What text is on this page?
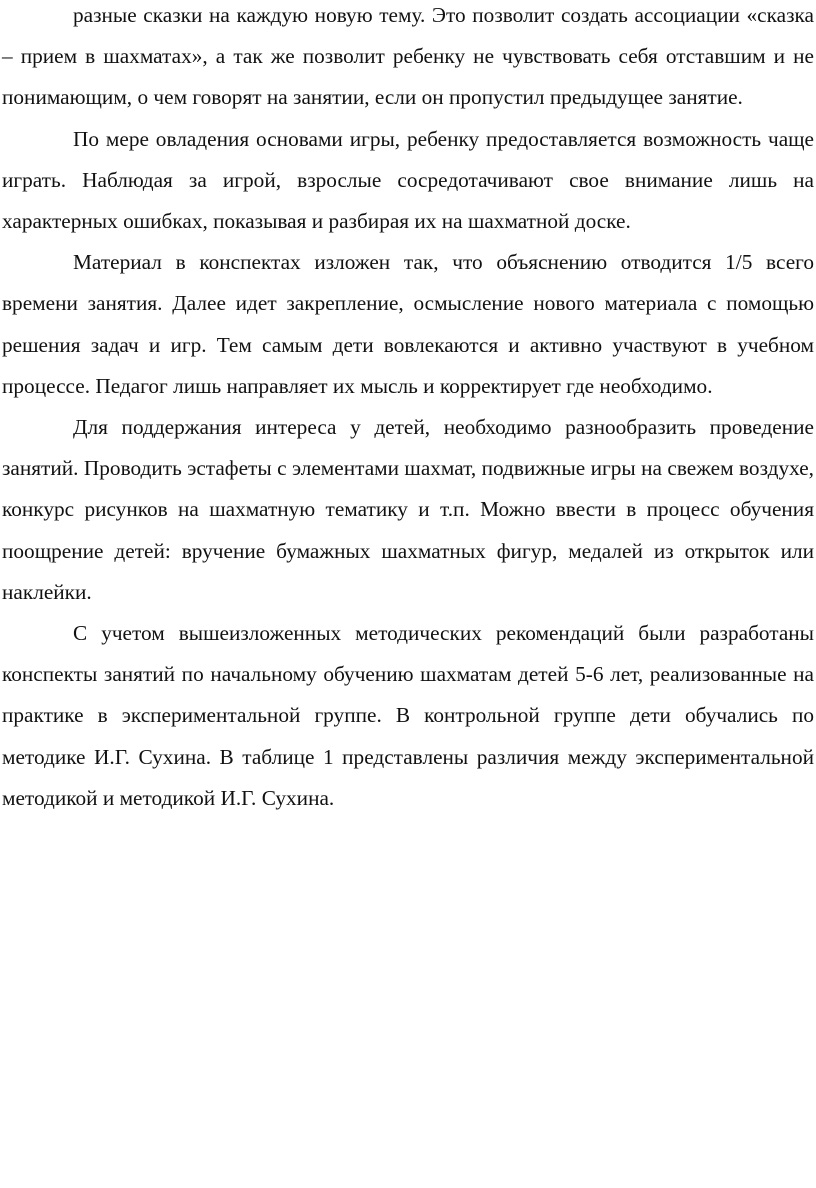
разные сказки на каждую новую тему. Это позволит создать ассоциации «сказка – прием в шахматах», а так же позволит ребенку не чувствовать себя отставшим и не понимающим, о чем говорят на занятии, если он пропустил предыдущее занятие.

По мере овладения основами игры, ребенку предоставляется возможность чаще играть. Наблюдая за игрой, взрослые сосредотачивают свое внимание лишь на характерных ошибках, показывая и разбирая их на шахматной доске.

Материал в конспектах изложен так, что объяснению отводится 1/5 всего времени занятия. Далее идет закрепление, осмысление нового материала с помощью решения задач и игр. Тем самым дети вовлекаются и активно участвуют в учебном процессе. Педагог лишь направляет их мысль и корректирует где необходимо.

Для поддержания интереса у детей, необходимо разнообразить проведение занятий. Проводить эстафеты с элементами шахмат, подвижные игры на свежем воздухе, конкурс рисунков на шахматную тематику и т.п. Можно ввести в процесс обучения поощрение детей: вручение бумажных шахматных фигур, медалей из открыток или наклейки.

С учетом вышеизложенных методических рекомендаций были разработаны конспекты занятий по начальному обучению шахматам детей 5-6 лет, реализованные на практике в экспериментальной группе. В контрольной группе дети обучались по методике И.Г. Сухина. В таблице 1 представлены различия между экспериментальной методикой и методикой И.Г. Сухина.
